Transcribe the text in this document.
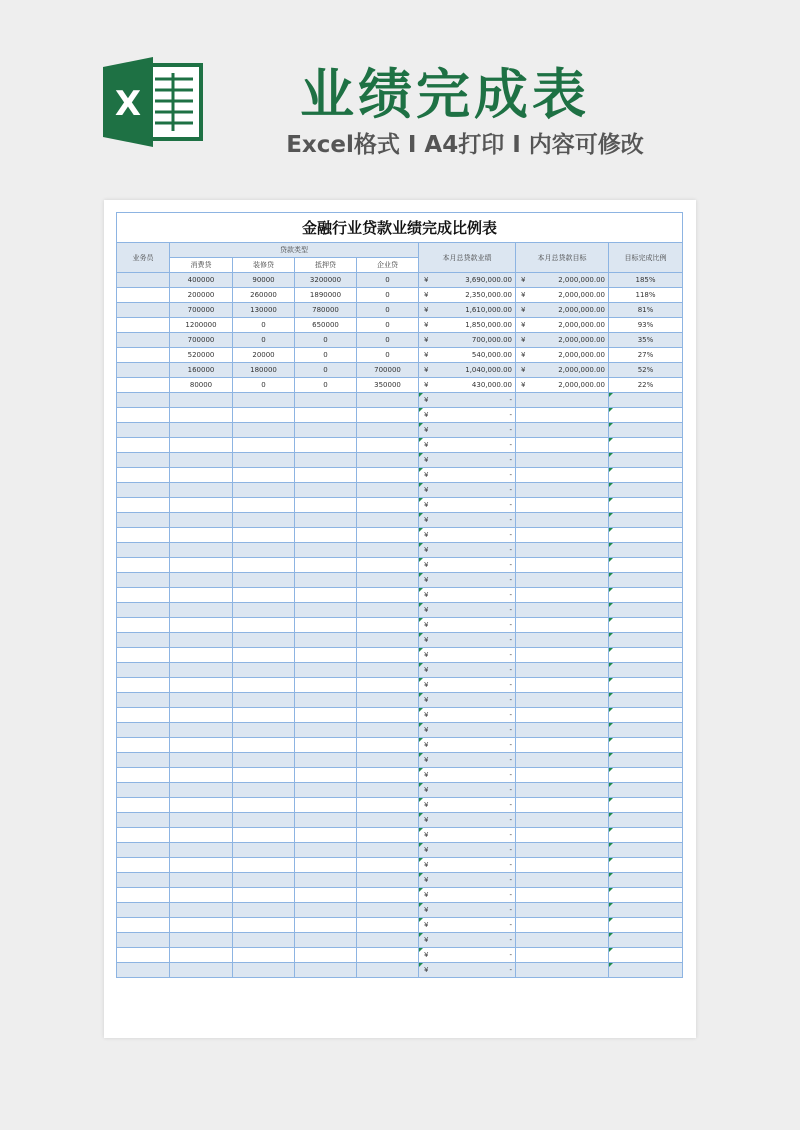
X	业绩完成表
Excel格式 Ⅰ A4打印 Ⅰ 内容可修改
金融行业贷款业绩完成比例表							
业务员	贷款类型				本月总贷款业绩	本月总贷款目标	目标完成比例
	消费贷	装修贷	抵押贷	企业贷			
	400000	90000	3200000	0	¥ 3,690,000.00	¥ 2,000,000.00	185%
	200000	260000	1890000	0	¥ 2,350,000.00	¥ 2,000,000.00	118%
	700000	130000	780000	0	¥ 1,610,000.00	¥ 2,000,000.00	81%
	1200000	0	650000	0	¥ 1,850,000.00	¥ 2,000,000.00	93%
	700000	0	0	0	¥ 700,000.00	¥ 2,000,000.00	35%
	520000	20000	0	0	¥ 540,000.00	¥ 2,000,000.00	27%
	160000	180000	0	700000	¥ 1,040,000.00	¥ 2,000,000.00	52%
	80000	0	0	350000	¥ 430,000.00	¥ 2,000,000.00	22%

					¥ -		

					¥ -		

					¥ -		

					¥ -		

					¥ -		

					¥ -		

					¥ -		

					¥ -		

					¥ -		

					¥ -		

					¥ -		

					¥ -		

					¥ -		

					¥ -		

					¥ -		

					¥ -		

					¥ -		

					¥ -		

					¥ -		

					¥ -		

					¥ -		

					¥ -		

					¥ -		

					¥ -		

					¥ -		

					¥ -		

					¥ -		

					¥ -		

					¥ -		

					¥ -		

					¥ -		

					¥ -		

					¥ -		

					¥ -		

					¥ -		

					¥ -		

					¥ -		

					¥ -		

					¥ -		
